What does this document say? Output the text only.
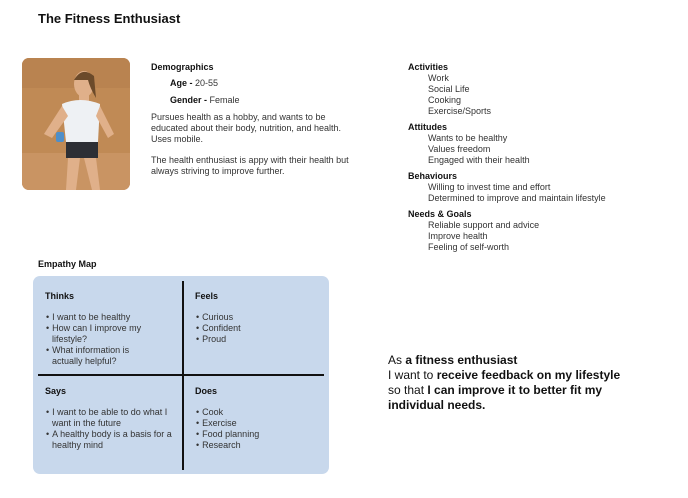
The Fitness Enthusiast
Demographics
Age - 20-55
Gender - Female

Pursues health as a hobby, and wants to be educated about their body, nutrition, and health. Uses mobile.

The health enthusiast is appy with their health but always striving to improve further.

Activities
Work
Social Life
Cooking
Exercise/Sports
Attitudes
Wants to be healthy
Values freedom
Engaged with their health
Behaviours
Willing to invest time and effort
Determined to improve and maintain lifestyle
Needs & Goals
Reliable support and advice
Improve health
Feeling of self-worth
Empathy Map
Thinks
• I want to be healthy
• How can I improve my lifestyle?
• What information is actually helpful?
Feels
• Curious
• Confident
• Proud
Says
• I want to be able to do what I want in the future
• A healthy body is a basis for a healthy mind
Does
• Cook
• Exercise
• Food planning
• Research
As a fitness enthusiast
I want to receive feedback on my lifestyle
so that I can improve it to better fit my individual needs.
